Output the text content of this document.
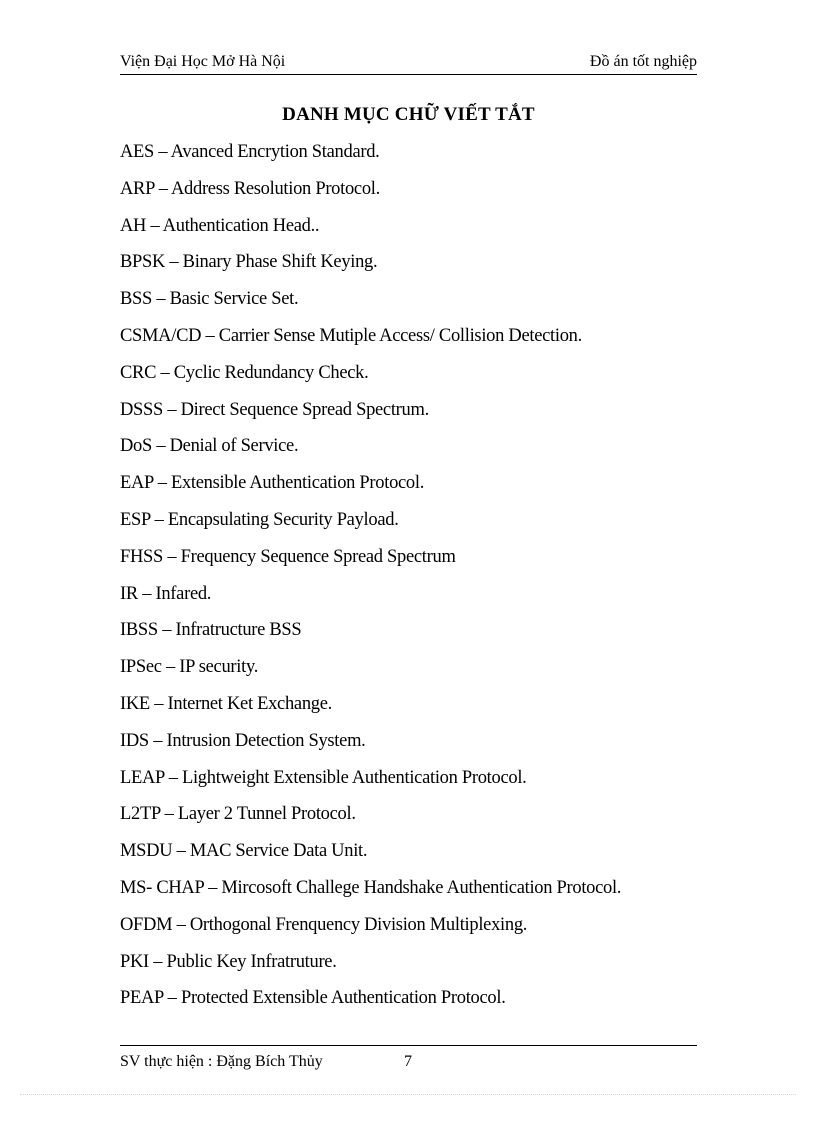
Viện Đại Học Mở Hà Nội	Đồ án tốt nghiệp
DANH MỤC CHỮ VIẾT TẮT
AES – Avanced Encrytion Standard.
ARP – Address Resolution Protocol.
AH – Authentication Head..
BPSK – Binary Phase Shift Keying.
BSS – Basic Service Set.
CSMA/CD – Carrier Sense Mutiple Access/ Collision Detection.
CRC – Cyclic Redundancy Check.
DSSS – Direct Sequence Spread Spectrum.
DoS – Denial of Service.
EAP – Extensible Authentication Protocol.
ESP – Encapsulating Security Payload.
FHSS – Frequency Sequence Spread Spectrum
IR – Infared.
IBSS – Infratructure BSS
IPSec – IP security.
IKE – Internet Ket Exchange.
IDS – Intrusion Detection System.
LEAP – Lightweight Extensible Authentication Protocol.
L2TP – Layer 2 Tunnel Protocol.
MSDU – MAC Service Data Unit.
MS- CHAP – Mircosoft Challege Handshake Authentication Protocol.
OFDM – Orthogonal Frenquency Division Multiplexing.
PKI – Public Key Infratruture.
PEAP – Protected Extensible Authentication Protocol.
SV thực hiện : Đặng Bích Thủy	7
